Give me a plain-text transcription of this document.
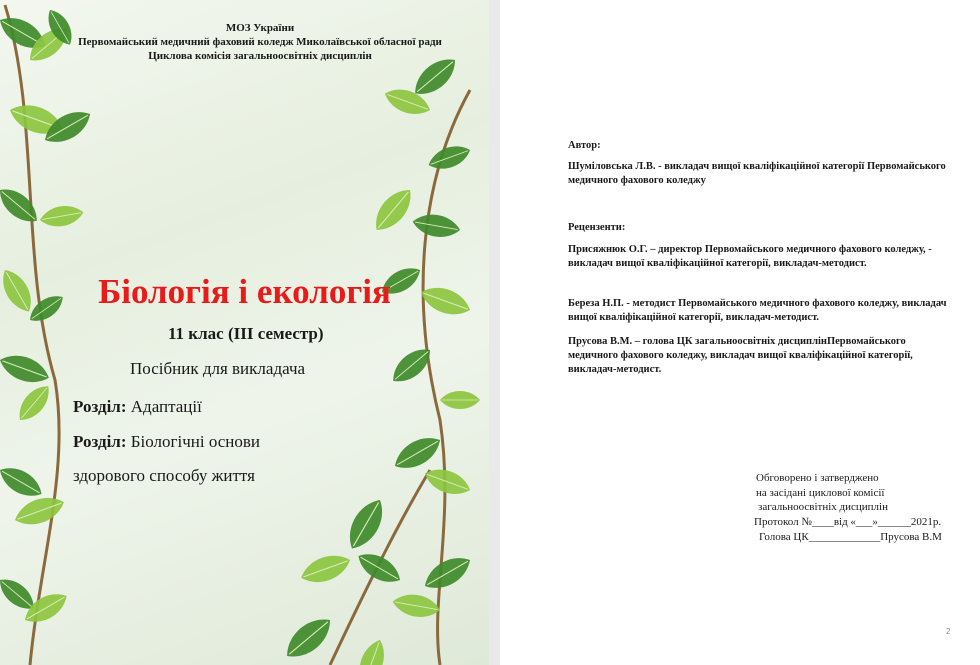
МОЗ України
Первомайський медичний фаховий коледж Миколаївської обласної ради
Циклова комісія загальноосвітніх дисциплін
Біологія і екологія
11 клас (ІІІ семестр)
Посібник для викладача
Розділ: Адаптації
Розділ: Біологічні основи
здорового способу життя
Автор:
Шуміловська Л.В. - викладач вищої кваліфікаційної категорії Первомайського медичного фахового коледжу
Рецензенти:
Присяжнюк О.Г. – директор Первомайського медичного фахового коледжу, - викладач вищої кваліфікаційної категорії, викладач-методист.
Береза Н.П. - методист Первомайського медичного фахового коледжу, викладач вищої кваліфікаційної категорії, викладач-методист.
Прусова В.М. – голова ЦК загальноосвітніх дисциплінПервомайського медичного фахового коледжу, викладач вищої кваліфікаційної категорії, викладач-методист.
Обговорено і затверджено
на засідані циклової комісії
загальноосвітніх дисциплін
Протокол №____від «___»______2021р.
Голова ЦК_____________Прусова В.М
2
